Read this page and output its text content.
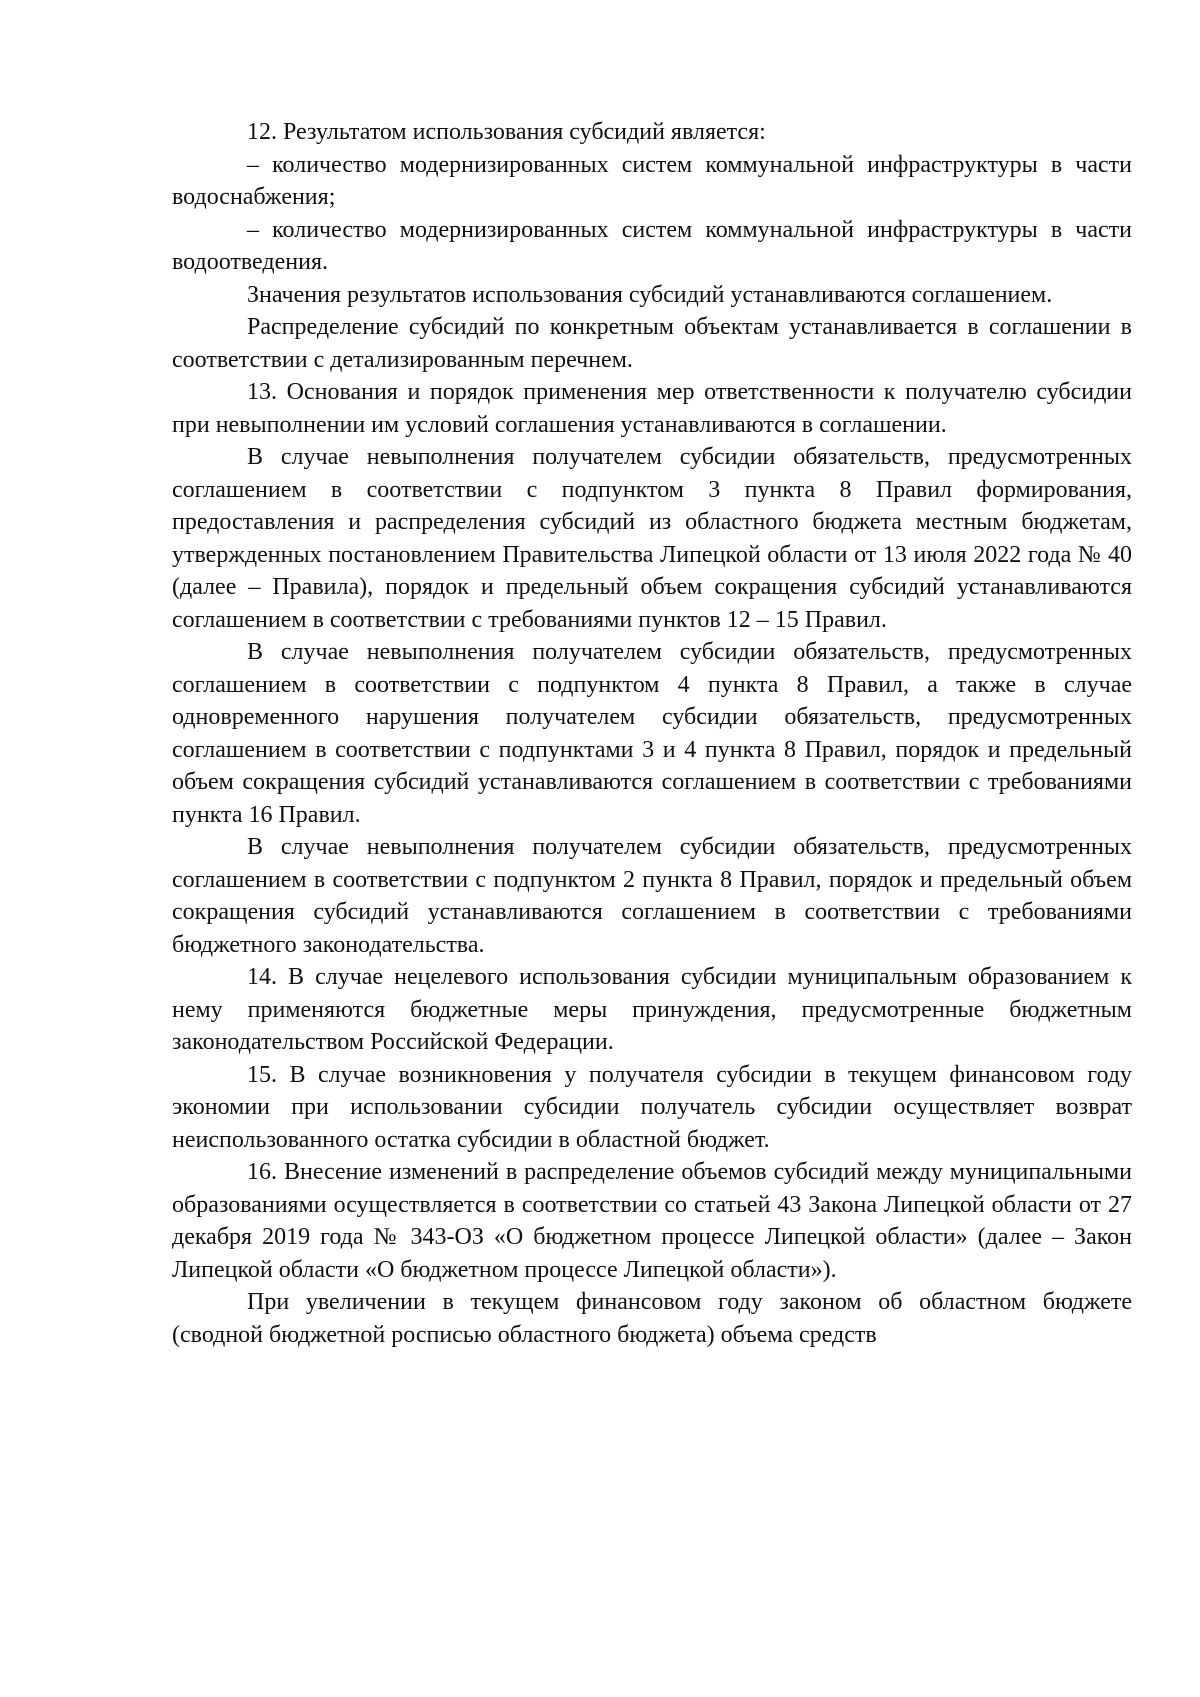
12. Результатом использования субсидий является:

– количество модернизированных систем коммунальной инфраструктуры в части водоснабжения;

– количество модернизированных систем коммунальной инфраструктуры в части водоотведения.

Значения результатов использования субсидий устанавливаются соглашением.

Распределение субсидий по конкретным объектам устанавливается в соглашении в соответствии с детализированным перечнем.

13. Основания и порядок применения мер ответственности к получателю субсидии при невыполнении им условий соглашения устанавливаются в соглашении.

В случае невыполнения получателем субсидии обязательств, предусмотренных соглашением в соответствии с подпунктом 3 пункта 8 Правил формирования, предоставления и распределения субсидий из областного бюджета местным бюджетам, утвержденных постановлением Правительства Липецкой области от 13 июля 2022 года № 40 (далее – Правила), порядок и предельный объем сокращения субсидий устанавливаются соглашением в соответствии с требованиями пунктов 12 – 15 Правил.

В случае невыполнения получателем субсидии обязательств, предусмотренных соглашением в соответствии с подпунктом 4 пункта 8 Правил, а также в случае одновременного нарушения получателем субсидии обязательств, предусмотренных соглашением в соответствии с подпунктами 3 и 4 пункта 8 Правил, порядок и предельный объем сокращения субсидий устанавливаются соглашением в соответствии с требованиями пункта 16 Правил.

В случае невыполнения получателем субсидии обязательств, предусмотренных соглашением в соответствии с подпунктом 2 пункта 8 Правил, порядок и предельный объем сокращения субсидий устанавливаются соглашением в соответствии с требованиями бюджетного законодательства.

14. В случае нецелевого использования субсидии муниципальным образованием к нему применяются бюджетные меры принуждения, предусмотренные бюджетным законодательством Российской Федерации.

15. В случае возникновения у получателя субсидии в текущем финансовом году экономии при использовании субсидии получатель субсидии осуществляет возврат неиспользованного остатка субсидии в областной бюджет.

16. Внесение изменений в распределение объемов субсидий между муниципальными образованиями осуществляется в соответствии со статьей 43 Закона Липецкой области от 27 декабря 2019 года № 343-ОЗ «О бюджетном процессе Липецкой области» (далее – Закон Липецкой области «О бюджетном процессе Липецкой области»).

При увеличении в текущем финансовом году законом об областном бюджете (сводной бюджетной росписью областного бюджета) объема средств
